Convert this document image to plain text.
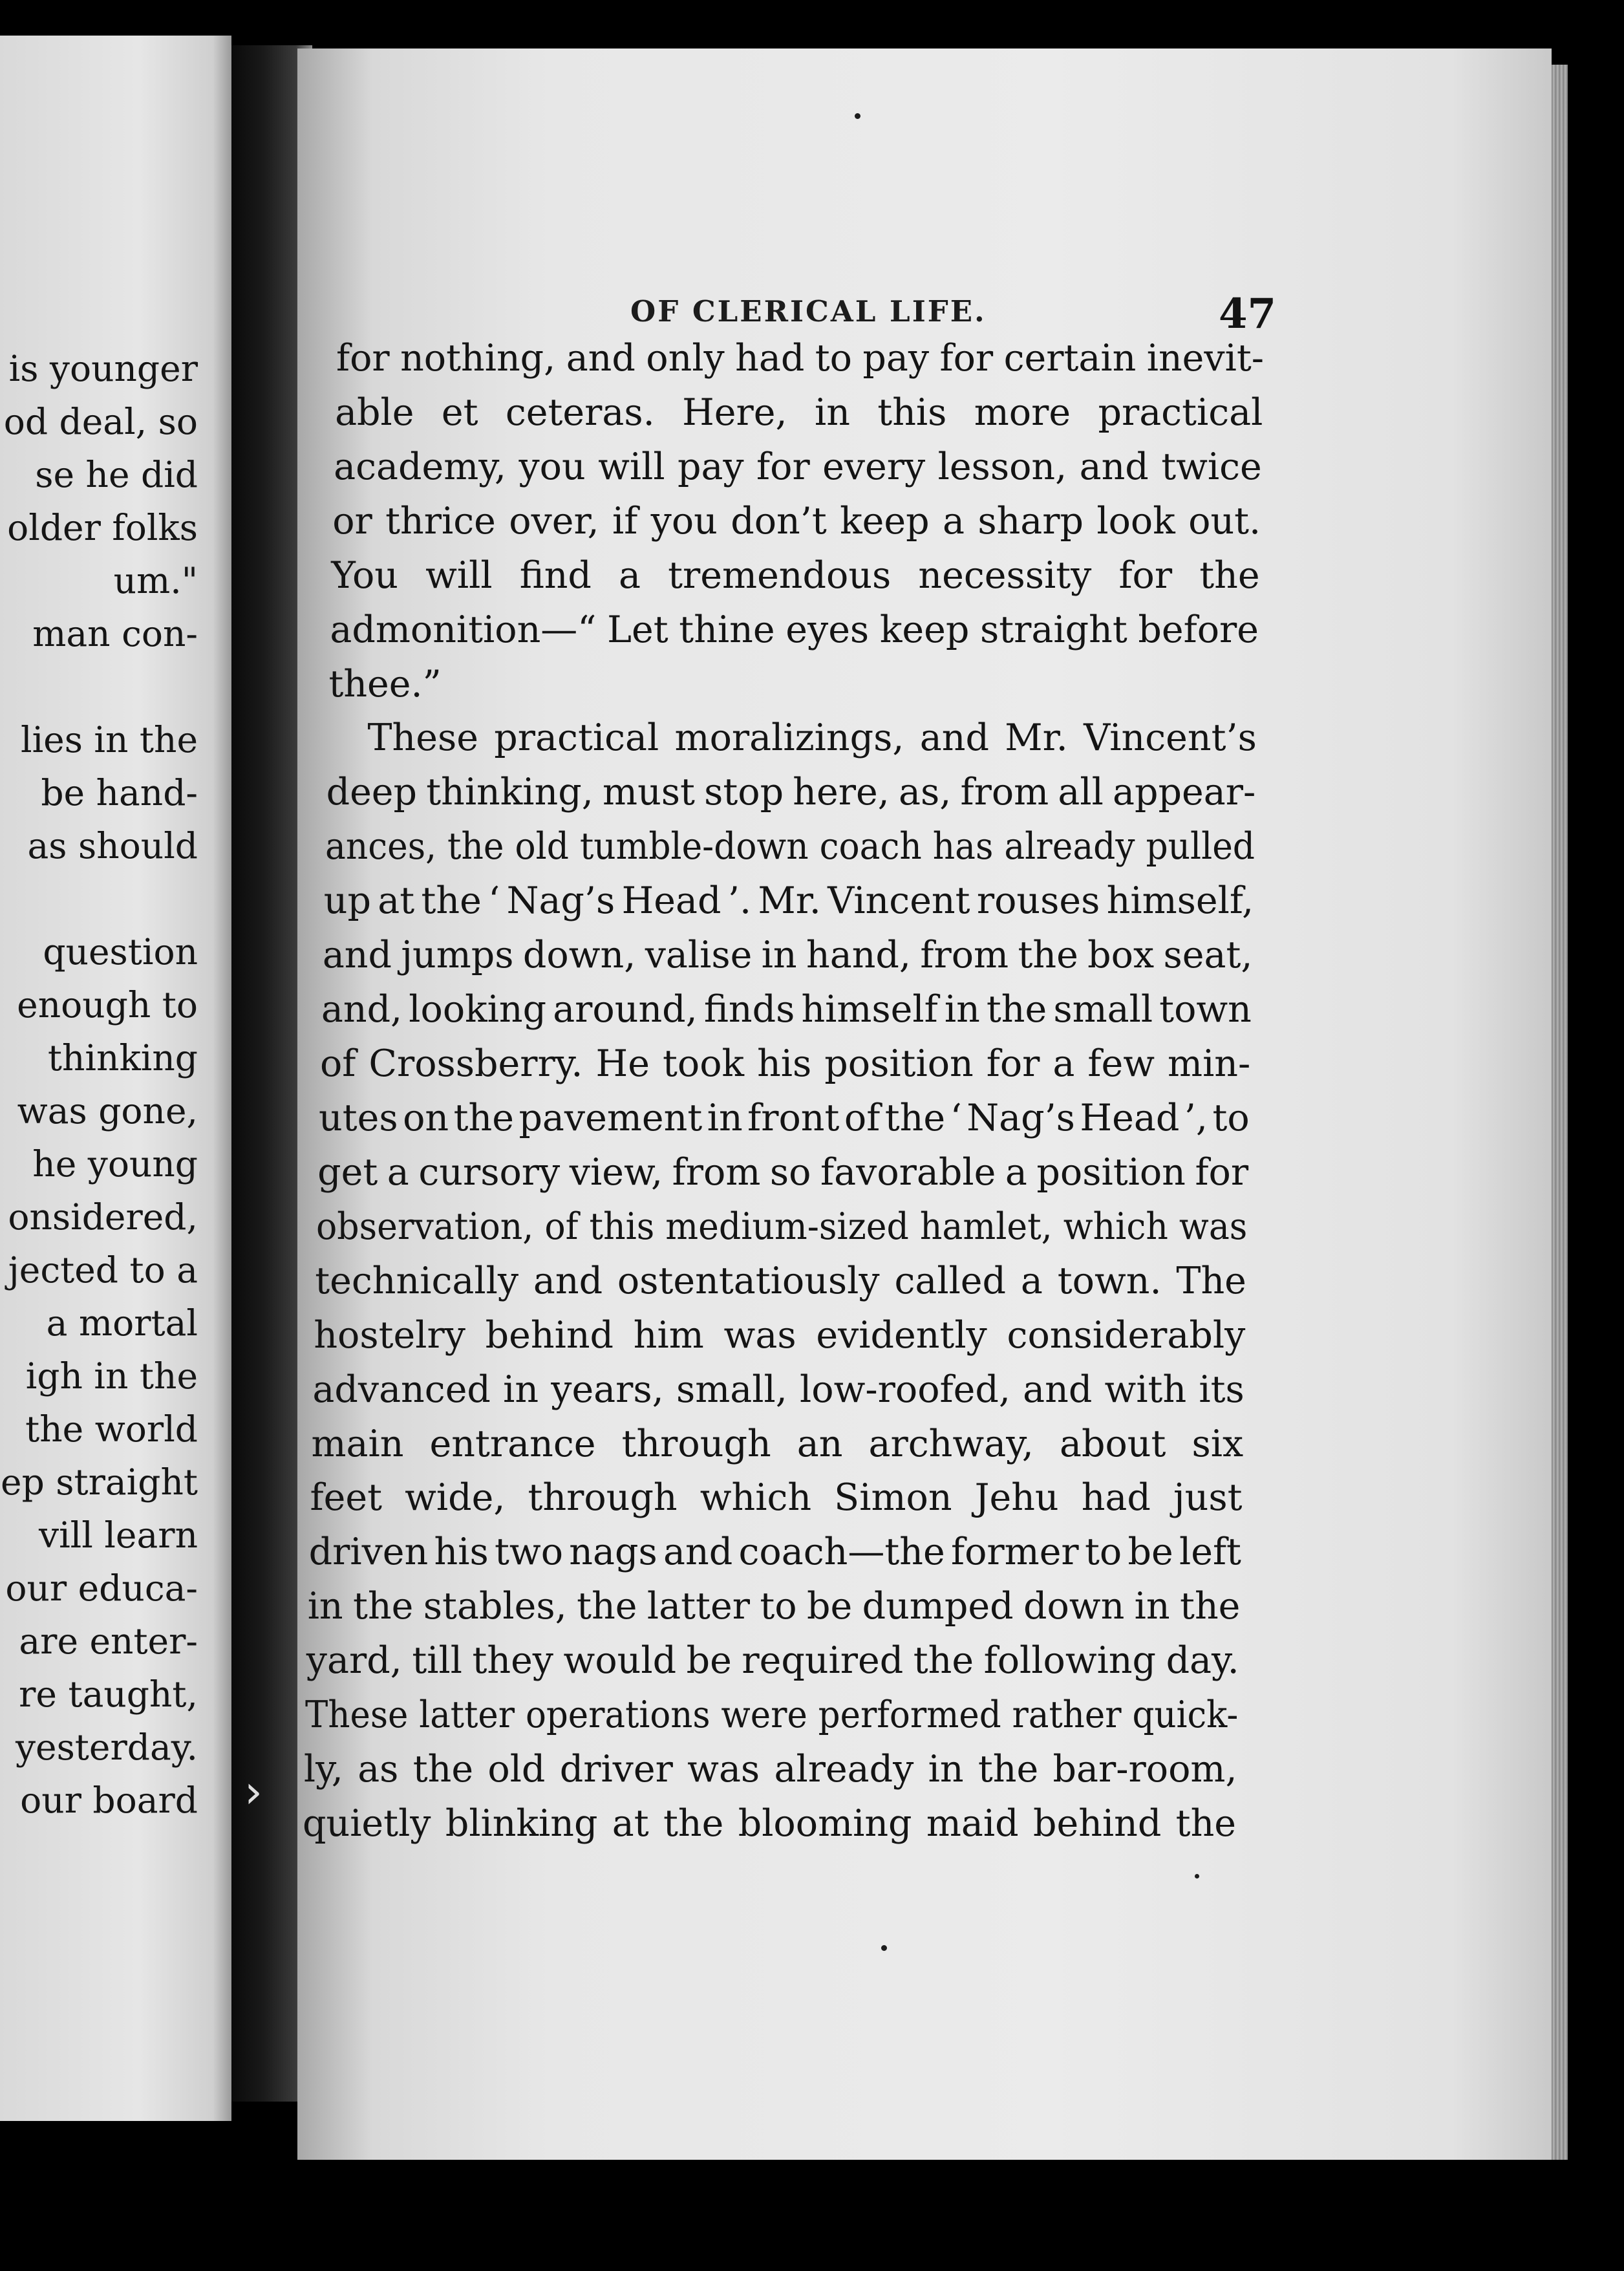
is younger
od deal, so
se he did
older folks
um."
man con-
lies in the
be hand-
as should
question
enough to
thinking
was gone,
he young
onsidered,
jected to a
a mortal
igh in the
the world
ep straight
vill learn
our educa-
are enter-
re taught,
yesterday.
our board ›
OF CLERICAL LIFE.	47
for nothing, and only had to pay for certain inevit-
able et ceteras. Here, in this more practical
academy, you will pay for every lesson, and twice
or thrice over, if you don’t keep a sharp look out.
You will find a tremendous necessity for the
admonition—“ Let thine eyes keep straight before
thee.”
These practical moralizings, and Mr. Vincent’s
deep thinking, must stop here, as, from all appear-
ances, the old tumble-down coach has already pulled
up at the ‘ Nag’s Head ’. Mr. Vincent rouses himself,
and jumps down, valise in hand, from the box seat,
and, looking around, finds himself in the small town
of Crossberry. He took his position for a few min-
utes on the pavement in front of the ‘ Nag’s Head ’, to
get a cursory view, from so favorable a position for
observation, of this medium-sized hamlet, which was
technically and ostentatiously called a town. The
hostelry behind him was evidently considerably
advanced in years, small, low-roofed, and with its
main entrance through an archway, about six
feet wide, through which Simon Jehu had just
driven his two nags and coach—the former to be left
in the stables, the latter to be dumped down in the
yard, till they would be required the following day.
These latter operations were performed rather quick-
ly, as the old driver was already in the bar-room,
quietly blinking at the blooming maid behind the
